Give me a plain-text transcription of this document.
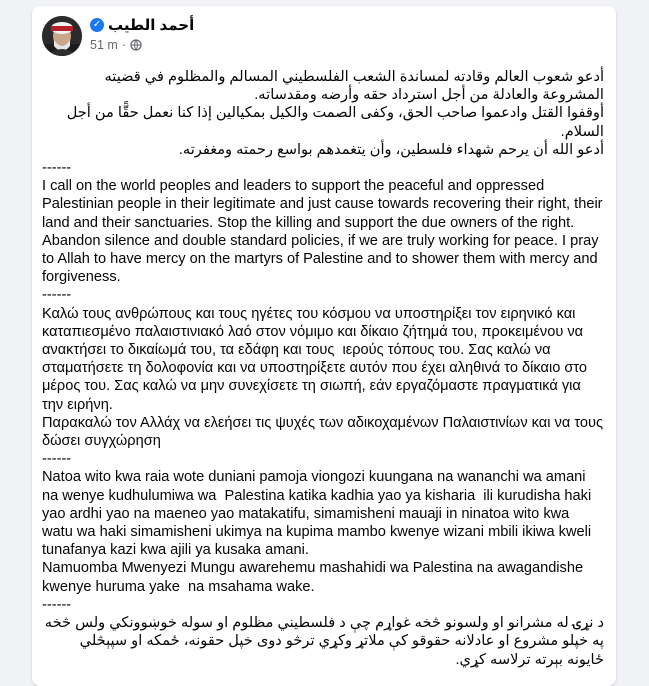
أحمد الطيب
✓
51 m ·
أدعو شعوب العالم وقادته لمساندة الشعب الفلسطيني المسالم والمظلوم في قضيته المشروعة والعادلة من أجل استرداد حقه وأرضه ومقدساته.
أوقفوا القتل وادعموا صاحب الحق، وكفى الصمت والكيل بمكيالين إذا كنا نعمل حقًّا من أجل السلام.
أدعو الله أن يرحم شهداء فلسطين، وأن يتغمدهم بواسع رحمته ومغفرته.
------
I call on the world peoples and leaders to support the peaceful and oppressed Palestinian people in their legitimate and just cause towards recovering their right, their land and their sanctuaries. Stop the killing and support the due owners of the right. Abandon silence and double standard policies, if we are truly working for peace. I pray to Allah to have mercy on the martyrs of Palestine and to shower them with mercy and forgiveness.
------
Καλώ τους ανθρώπους και τους ηγέτες του κόσμου να υποστηρίξει τον ειρηνικό και καταπιεσμένο παλαιστινιακό λαό στον νόμιμο και δίκαιο ζήτημά του, προκειμένου να ανακτήσει το δικαίωμά του, τα εδάφη και τους  ιερούς τόπους του. Σας καλώ να σταματήσετε τη δολοφονία και να υποστηρίξετε αυτόν που έχει αληθινά το δίκαιο στο μέρος του. Σας καλώ να μην συνεχίσετε τη σιωπή, εάν εργαζόμαστε πραγματικά για την ειρήνη.
Παρακαλώ τον Αλλάχ να ελεήσει τις ψυχές των αδικοχαμένων Παλαιστινίων και να τους δώσει συγχώρηση
------
Natoa wito kwa raia wote duniani pamoja viongozi kuungana na wananchi wa amani na wenye kudhulumiwa wa  Palestina katika kadhia yao ya kisharia  ili kurudisha haki yao ardhi yao na maeneo yao matakatifu, simamisheni mauaji in ninatoa wito kwa watu wa haki simamisheni ukimya na kupima mambo kwenye wizani mbili ikiwa kweli tunafanya kazi kwa ajili ya kusaka amani.
Namuomba Mwenyezi Mungu awarehemu mashahidi wa Palestina na awagandishe kwenye huruma yake  na msahama wake.
------
د نړۍ له مشرانو او ولسونو څخه غواړم چې د فلسطيني مظلوم او سوله خوښوونکي ولس څخه په خپلو مشروع او عادلانه حقوقو کې ملاتړ وکړي ترڅو دوی خپل حقونه، ځمکه او سپېڅلي ځايونه بېرته ترلاسه کړي.
